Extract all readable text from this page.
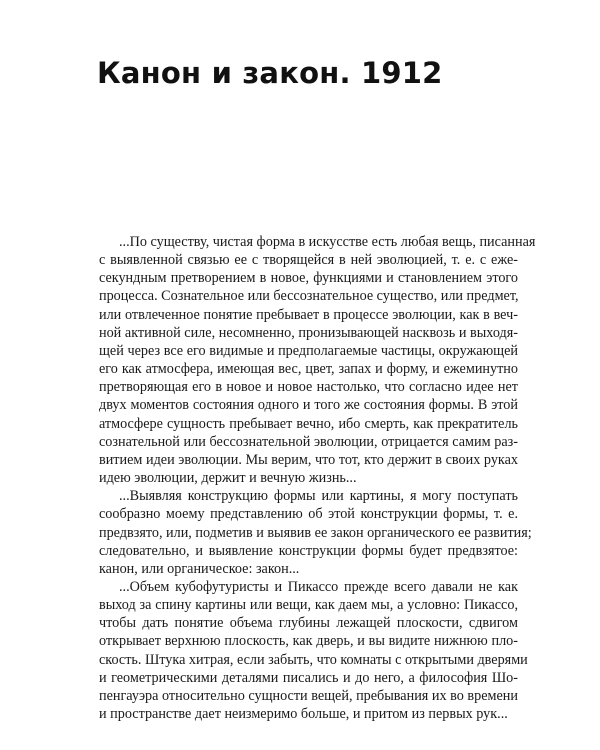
Канон и закон. 1912
...По существу, чистая форма в искусстве есть любая вещь, писанная
с выявленной связью ее с творящейся в ней эволюцией, т. е. с еже-
секундным претворением в новое, функциями и становлением этого
процесса. Сознательное или бессознательное существо, или предмет,
или отвлеченное понятие пребывает в процессе эволюции, как в веч-
ной активной силе, несомненно, пронизывающей насквозь и выходя-
щей через все его видимые и предполагаемые частицы, окружающей
его как атмосфера, имеющая вес, цвет, запах и форму, и ежеминутно
претворяющая его в новое и новое настолько, что согласно идее нет
двух моментов состояния одного и того же состояния формы. В этой
атмосфере сущность пребывает вечно, ибо смерть, как прекратитель
сознательной или бессознательной эволюции, отрицается самим раз-
витием идеи эволюции. Мы верим, что тот, кто держит в своих руках
идею эволюции, держит и вечную жизнь...
...Выявляя конструкцию формы или картины, я могу поступать
сообразно моему представлению об этой конструкции формы, т. е.
предвзято, или, подметив и выявив ее закон органического ее развития;
следовательно, и выявление конструкции формы будет предвзятое:
канон, или органическое: закон...
...Объем кубофутуристы и Пикассо прежде всего давали не как
выход за спину картины или вещи, как даем мы, а условно: Пикассо,
чтобы дать понятие объема глубины лежащей плоскости, сдвигом
открывает верхнюю плоскость, как дверь, и вы видите нижнюю пло-
скость. Штука хитрая, если забыть, что комнаты с открытыми дверями
и геометрическими деталями писались и до него, а философия Шо-
пенгауэра относительно сущности вещей, пребывания их во времени
и пространстве дает неизмеримо больше, и притом из первых рук...
